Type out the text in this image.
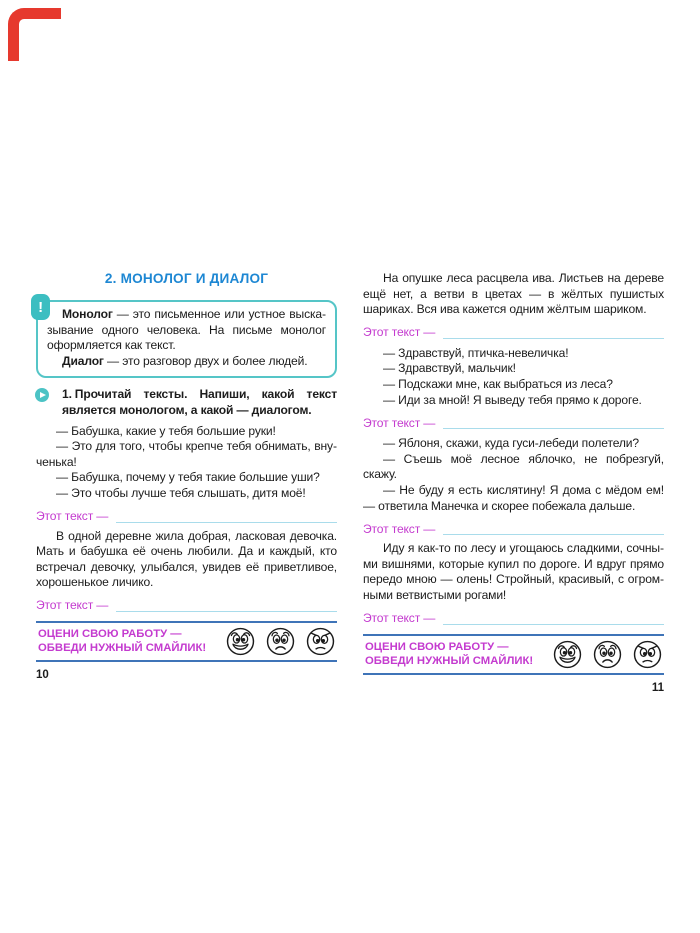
2. МОНОЛОГ И ДИАЛОГ
!	Монолог — это письменное или устное высказывание одного человека. На письме монолог оформляется как текст.

Диалог — это разговор двух и более людей.

1. Прочитай тексты. Напиши, какой текст является монологом, а какой — диалогом.

— Бабушка, какие у тебя большие руки!

— Это для того, чтобы крепче тебя обнимать, внученька!

— Бабушка, почему у тебя такие большие уши?

— Это чтобы лучше тебя слышать, дитя моё!

Этот текст —

В одной деревне жила добрая, ласковая девочка. Мать и бабушка её очень любили. Да и каждый, кто встречал девочку, улыбался, увидев её приветливое, хорошенькое личико.

Этот текст —
ОЦЕНИ СВОЮ РАБОТУ —
ОБВЕДИ НУЖНЫЙ СМАЙЛИК!
10

На опушке леса расцвела ива. Листьев на дереве ещё нет, а ветви в цветах — в жёлтых пушистых шариках. Вся ива кажется одним жёлтым шариком.

Этот текст —

— Здравствуй, птичка-невеличка!

— Здравствуй, мальчик!

— Подскажи мне, как выбраться из леса?

— Иди за мной! Я выведу тебя прямо к дороге.

Этот текст —

— Яблоня, скажи, куда гуси-лебеди полетели?

— Съешь моё лесное яблочко, не побрезгуй, скажу.

— Не буду я есть кислятину! Я дома с мёдом ем! — ответила Манечка и скорее побежала дальше.

Этот текст —

Иду я как-то по лесу и угощаюсь сладкими, сочными вишнями, которые купил по дороге. И вдруг прямо передо мною — олень! Стройный, красивый, с огромными ветвистыми рогами!

Этот текст —
ОЦЕНИ СВОЮ РАБОТУ —
ОБВЕДИ НУЖНЫЙ СМАЙЛИК!
11
